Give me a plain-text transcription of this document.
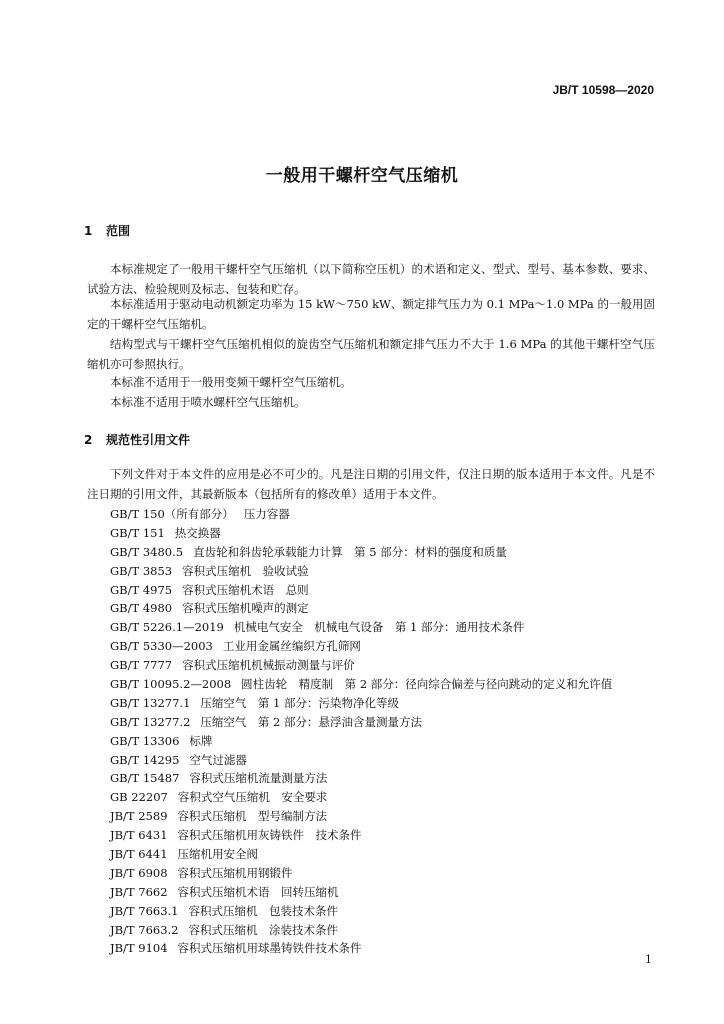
JB/T 10598—2020
一般用干螺杆空气压缩机
1 范围

本标准规定了一般用干螺杆空气压缩机（以下简称空压机）的术语和定义、型式、型号、基本参数、要求、试验方法、检验规则及标志、包装和贮存。

本标准适用于驱动电动机额定功率为 15 kW～750 kW、额定排气压力为 0.1 MPa～1.0 MPa 的一般用固定的干螺杆空气压缩机。

结构型式与干螺杆空气压缩机相似的旋齿空气压缩机和额定排气压力不大于 1.6 MPa 的其他干螺杆空气压缩机亦可参照执行。

本标准不适用于一般用变频干螺杆空气压缩机。

本标准不适用于喷水螺杆空气压缩机。

2 规范性引用文件

下列文件对于本文件的应用是必不可少的。凡是注日期的引用文件，仅注日期的版本适用于本文件。凡是不注日期的引用文件，其最新版本（包括所有的修改单）适用于本文件。

GB/T 150（所有部分） 压力容器
GB/T 151 热交换器
GB/T 3480.5 直齿轮和斜齿轮承载能力计算　第 5 部分：材料的强度和质量
GB/T 3853 容积式压缩机　验收试验
GB/T 4975 容积式压缩机术语　总则
GB/T 4980 容积式压缩机噪声的测定
GB/T 5226.1—2019 机械电气安全　机械电气设备　第 1 部分：通用技术条件
GB/T 5330—2003 工业用金属丝编织方孔筛网
GB/T 7777 容积式压缩机机械振动测量与评价
GB/T 10095.2—2008 圆柱齿轮　精度制　第 2 部分：径向综合偏差与径向跳动的定义和允许值
GB/T 13277.1 压缩空气　第 1 部分：污染物净化等级
GB/T 13277.2 压缩空气　第 2 部分：悬浮油含量测量方法
GB/T 13306 标牌
GB/T 14295 空气过滤器
GB/T 15487 容积式压缩机流量测量方法
GB 22207 容积式空气压缩机　安全要求
JB/T 2589 容积式压缩机　型号编制方法
JB/T 6431 容积式压缩机用灰铸铁件　技术条件
JB/T 6441 压缩机用安全阀
JB/T 6908 容积式压缩机用钢锻件
JB/T 7662 容积式压缩机术语　回转压缩机
JB/T 7663.1 容积式压缩机　包装技术条件
JB/T 7663.2 容积式压缩机　涂装技术条件
JB/T 9104 容积式压缩机用球墨铸铁件技术条件
1
